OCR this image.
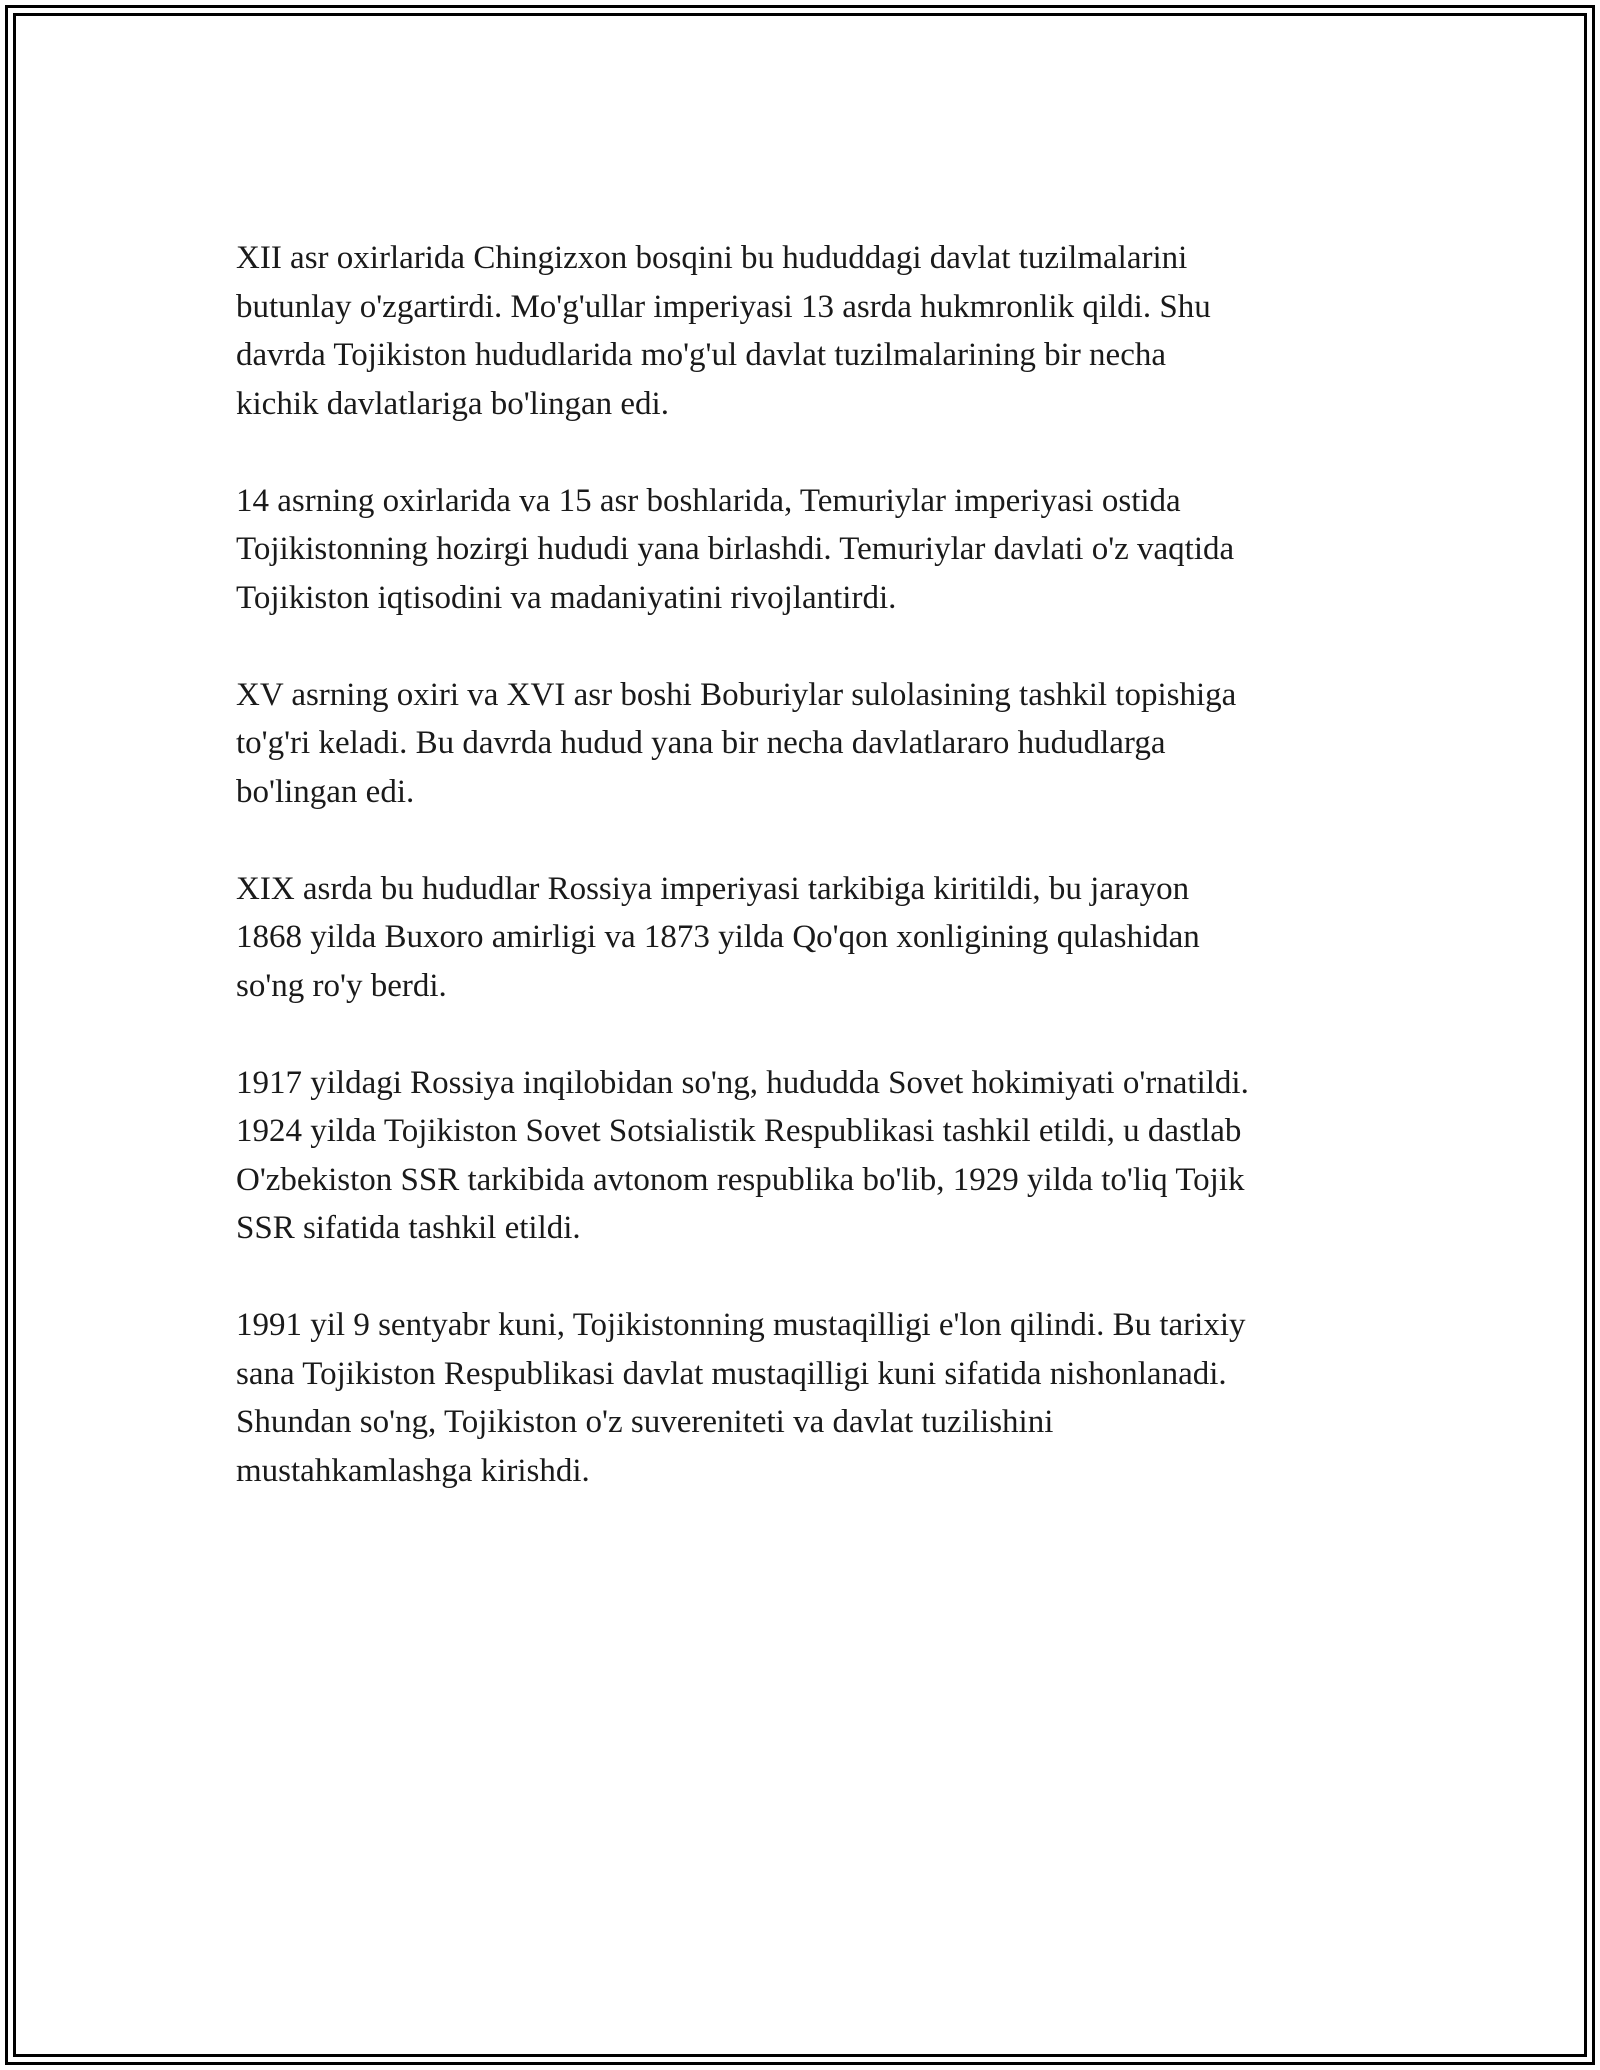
XII asr oxirlarida Chingizxon bosqini bu hududdagi davlat tuzilmalarini
butunlay o'zgartirdi. Mo'g'ullar imperiyasi 13 asrda hukmronlik qildi. Shu
davrda Tojikiston hududlarida mo'g'ul davlat tuzilmalarining bir necha
kichik davlatlariga bo'lingan edi.

14 asrning oxirlarida va 15 asr boshlarida, Temuriylar imperiyasi ostida
Tojikistonning hozirgi hududi yana birlashdi. Temuriylar davlati o'z vaqtida
Tojikiston iqtisodini va madaniyatini rivojlantirdi.

XV asrning oxiri va XVI asr boshi Boburiylar sulolasining tashkil topishiga
to'g'ri keladi. Bu davrda hudud yana bir necha davlatlararo hududlarga
bo'lingan edi.

XIX asrda bu hududlar Rossiya imperiyasi tarkibiga kiritildi, bu jarayon
1868 yilda Buxoro amirligi va 1873 yilda Qo'qon xonligining qulashidan
so'ng ro'y berdi.

1917 yildagi Rossiya inqilobidan so'ng, hududda Sovet hokimiyati o'rnatildi.
1924 yilda Tojikiston Sovet Sotsialistik Respublikasi tashkil etildi, u dastlab
O'zbekiston SSR tarkibida avtonom respublika bo'lib, 1929 yilda to'liq Tojik
SSR sifatida tashkil etildi.

1991 yil 9 sentyabr kuni, Tojikistonning mustaqilligi e'lon qilindi. Bu tarixiy
sana Tojikiston Respublikasi davlat mustaqilligi kuni sifatida nishonlanadi.
Shundan so'ng, Tojikiston o'z suvereniteti va davlat tuzilishini
mustahkamlashga kirishdi.
